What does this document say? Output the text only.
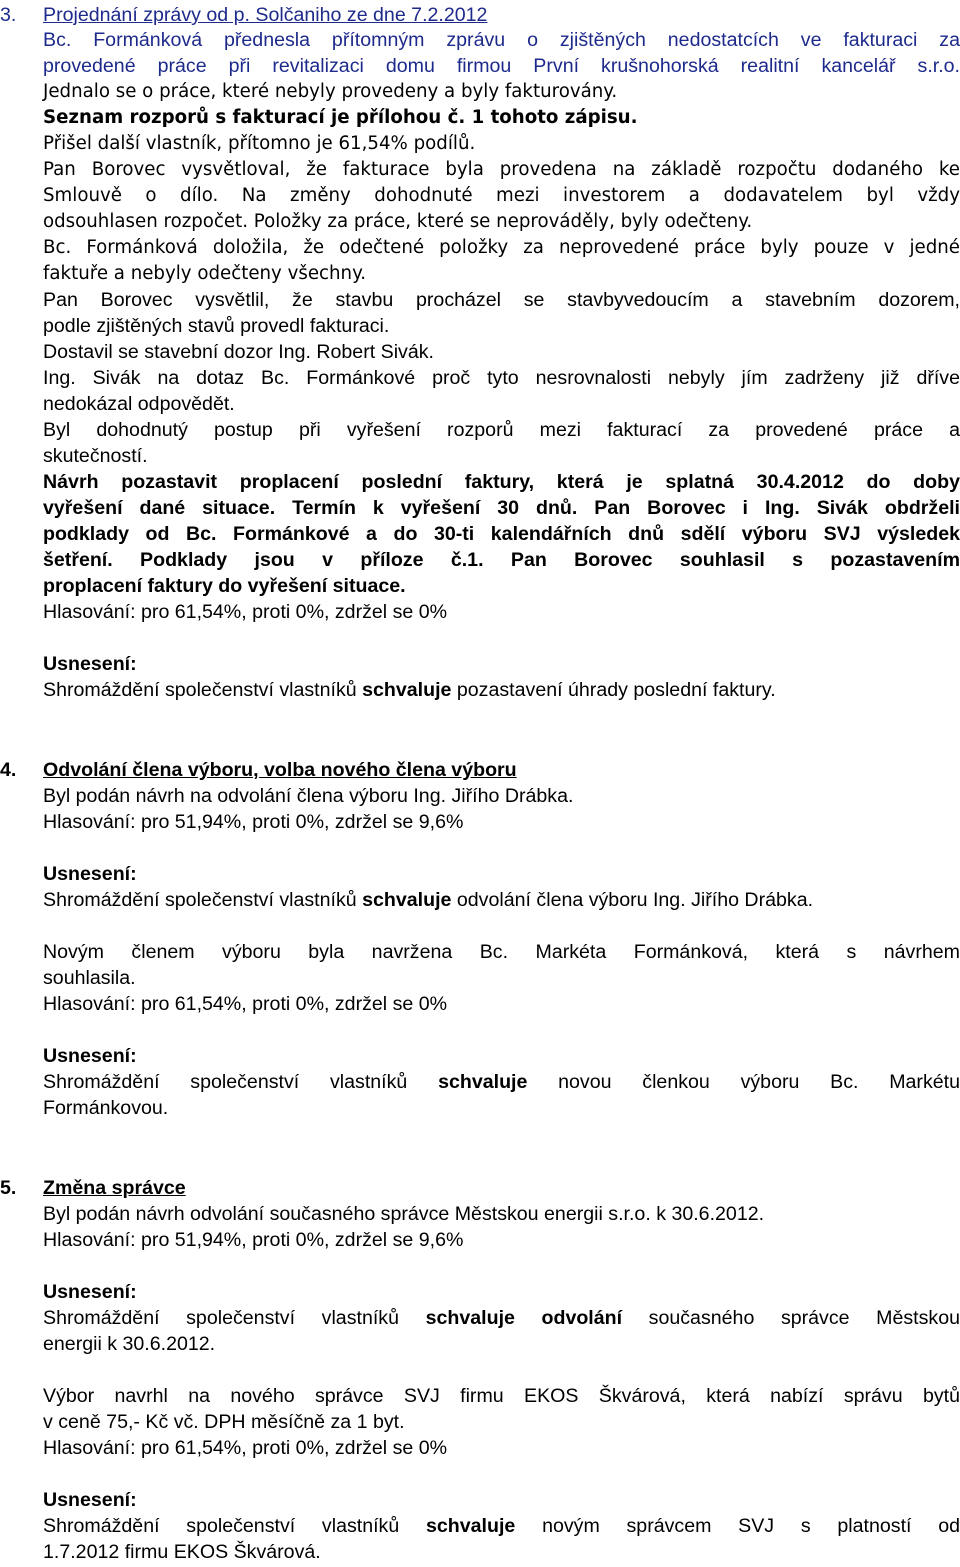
3. Projednání zprávy od p. Solčaniho ze dne 7.2.2012
Bc. Formánková přednesla přítomným zprávu o zjištěných nedostatcích ve fakturaci za
provedené práce při revitalizaci domu firmou První krušnohorská realitní kancelář s.r.o.
Jednalo se o práce, které nebyly provedeny a byly fakturovány.
Seznam rozporů s fakturací je přílohou č. 1 tohoto zápisu.
Přišel další vlastník, přítomno je 61,54% podílů.
Pan Borovec vysvětloval, že fakturace byla provedena na základě rozpočtu dodaného ke
Smlouvě o dílo. Na změny dohodnuté mezi investorem a dodavatelem byl vždy
odsouhlasen rozpočet. Položky za práce, které se neprováděly, byly odečteny.
Bc. Formánková doložila, že odečtené položky za neprovedené práce byly pouze v jedné
faktuře a nebyly odečteny všechny.
Pan Borovec vysvětlil, že stavbu procházel se stavbyvedoucím a stavebním dozorem,
podle zjištěných stavů provedl fakturaci.
Dostavil se stavební dozor Ing. Robert Sivák.
Ing. Sivák na dotaz Bc. Formánkové proč tyto nesrovnalosti nebyly jím zadrženy již dříve
nedokázal odpovědět.
Byl dohodnutý postup při vyřešení rozporů mezi fakturací za provedené práce a
skutečností.
Návrh pozastavit proplacení poslední faktury, která je splatná 30.4.2012 do doby
vyřešení dané situace. Termín k vyřešení 30 dnů. Pan Borovec i Ing. Sivák obdrželi
podklady od Bc. Formánkové a do 30-ti kalendářních dnů sdělí výboru SVJ výsledek
šetření. Podklady jsou v příloze č.1. Pan Borovec souhlasil s pozastavením
proplacení faktury do vyřešení situace.
Hlasování: pro 61,54%, proti 0%, zdržel se 0%
Usnesení:
Shromáždění společenství vlastníků schvaluje pozastavení úhrady poslední faktury.
4. Odvolání člena výboru, volba nového člena výboru
Byl podán návrh na odvolání člena výboru Ing. Jiřího Drábka.
Hlasování: pro 51,94%, proti 0%, zdržel se 9,6%
Usnesení:
Shromáždění společenství vlastníků schvaluje odvolání člena výboru Ing. Jiřího Drábka.
Novým členem výboru byla navržena Bc. Markéta Formánková, která s návrhem
souhlasila.
Hlasování: pro 61,54%, proti 0%, zdržel se 0%
Usnesení:
Shromáždění společenství vlastníků schvaluje novou členkou výboru Bc. Markétu
Formánkovou.
5. Změna správce
Byl podán návrh odvolání současného správce Městskou energii s.r.o. k 30.6.2012.
Hlasování: pro 51,94%, proti 0%, zdržel se 9,6%
Usnesení:
Shromáždění společenství vlastníků schvaluje odvolání současného správce Městskou
energii k 30.6.2012.
Výbor navrhl na nového správce SVJ firmu EKOS Škvárová, která nabízí správu bytů
v ceně 75,- Kč vč. DPH měsíčně za 1 byt.
Hlasování: pro 61,54%, proti 0%, zdržel se 0%
Usnesení:
Shromáždění společenství vlastníků schvaluje novým správcem SVJ s platností od
1.7.2012 firmu EKOS Škvárová.
